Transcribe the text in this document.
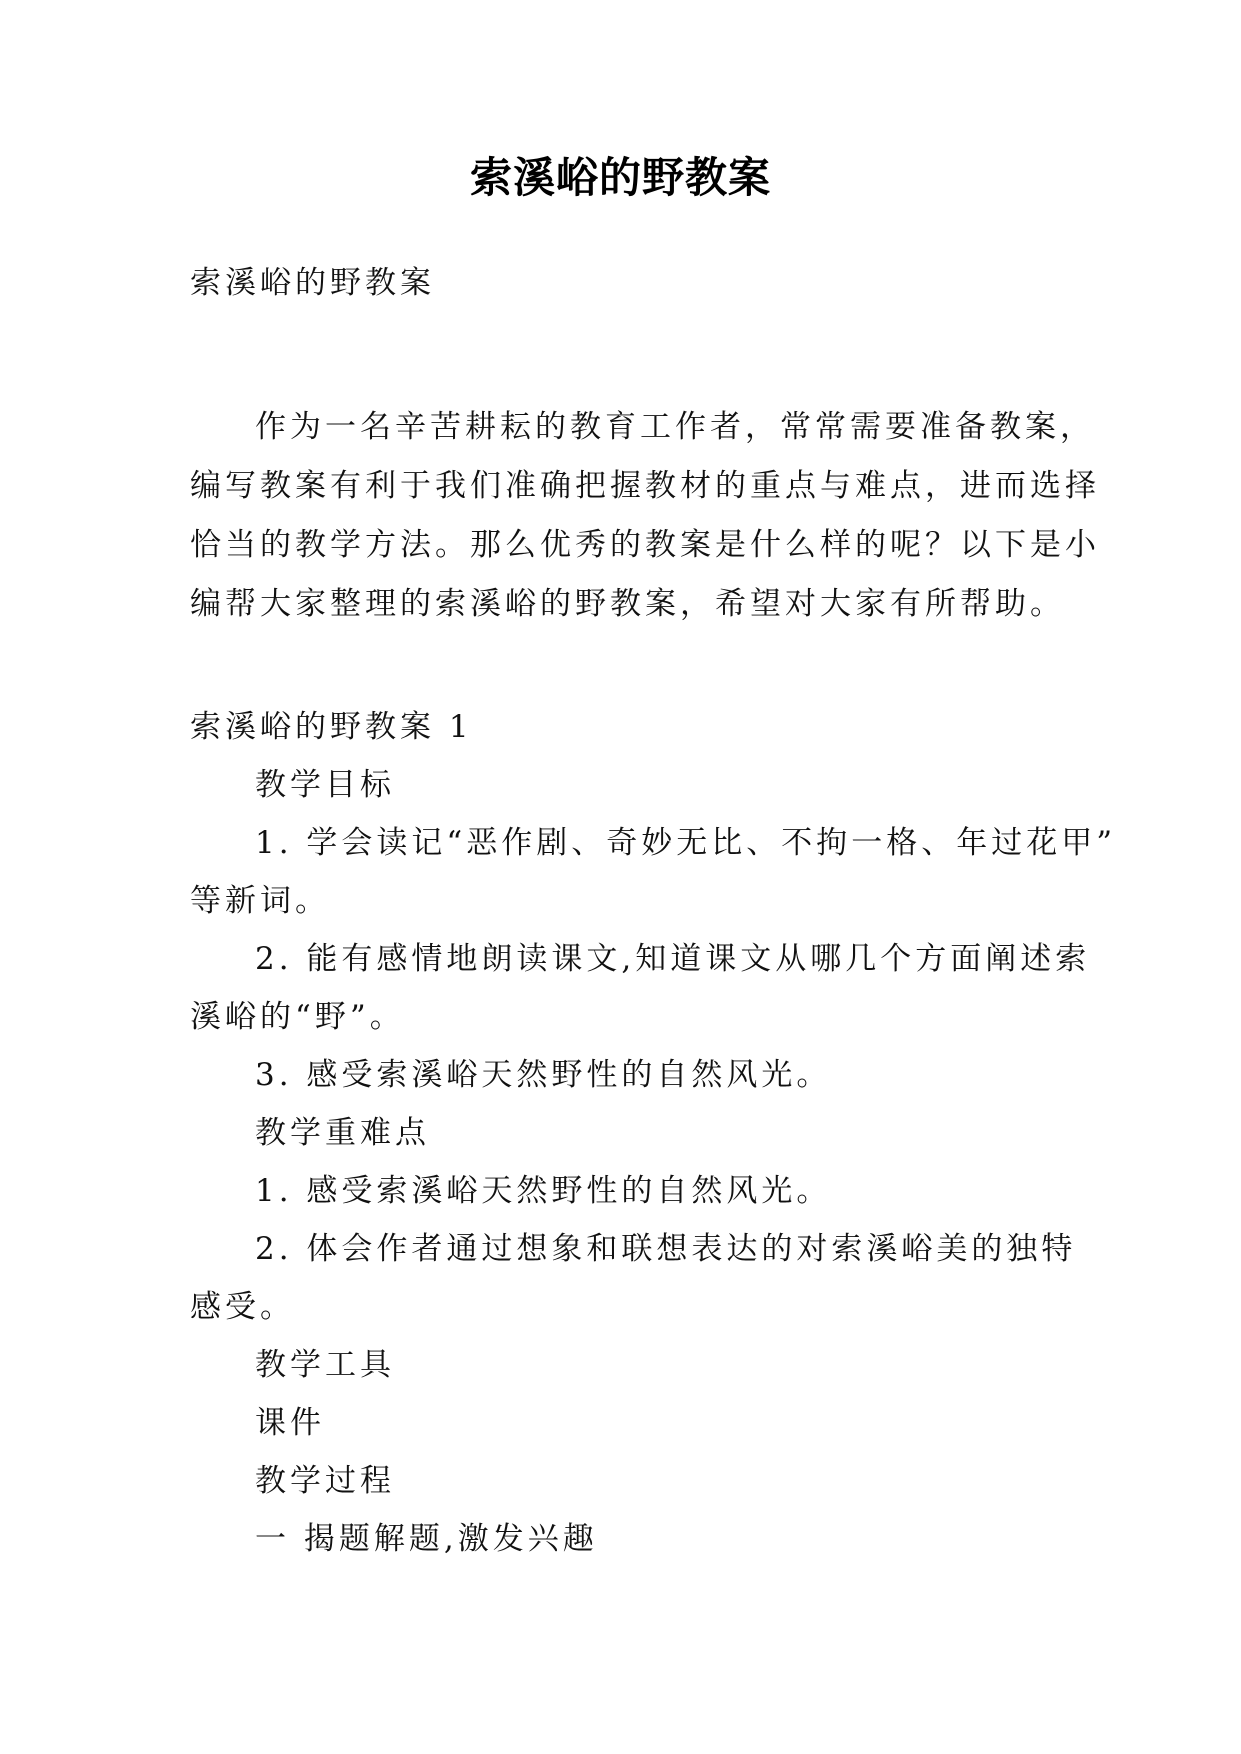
索溪峪的野教案
索溪峪的野教案
作为一名辛苦耕耘的教育工作者，常常需要准备教案，
编写教案有利于我们准确把握教材的重点与难点，进而选择
恰当的教学方法。那么优秀的教案是什么样的呢？以下是小
编帮大家整理的索溪峪的野教案，希望对大家有所帮助。
索溪峪的野教案 1
教学目标
1. 学会读记“恶作剧、奇妙无比、不拘一格、年过花甲”
等新词。
2. 能有感情地朗读课文,知道课文从哪几个方面阐述索
溪峪的“野”。
3. 感受索溪峪天然野性的自然风光。
教学重难点
1. 感受索溪峪天然野性的自然风光。
2. 体会作者通过想象和联想表达的对索溪峪美的独特
感受。
教学工具
课件
教学过程
一 揭题解题,激发兴趣
